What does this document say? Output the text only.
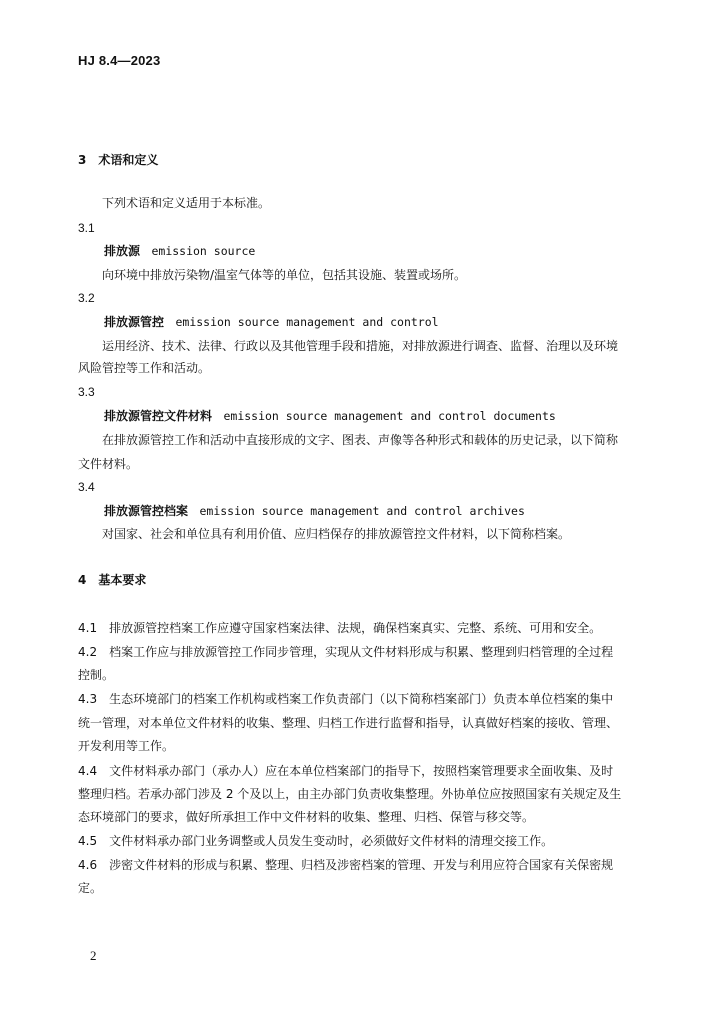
HJ 8.4—2023
3　术语和定义
下列术语和定义适用于本标准。
3.1
排放源 emission source
向环境中排放污染物/温室气体等的单位，包括其设施、装置或场所。
3.2
排放源管控 emission source management and control
运用经济、技术、法律、行政以及其他管理手段和措施，对排放源进行调查、监督、治理以及环境
风险管控等工作和活动。
3.3
排放源管控文件材料 emission source management and control documents
在排放源管控工作和活动中直接形成的文字、图表、声像等各种形式和载体的历史记录，以下简称
文件材料。
3.4
排放源管控档案 emission source management and control archives
对国家、社会和单位具有利用价值、应归档保存的排放源管控文件材料，以下简称档案。
4　基本要求
4.1　排放源管控档案工作应遵守国家档案法律、法规，确保档案真实、完整、系统、可用和安全。
4.2　档案工作应与排放源管控工作同步管理，实现从文件材料形成与积累、整理到归档管理的全过程
控制。
4.3　生态环境部门的档案工作机构或档案工作负责部门（以下简称档案部门）负责本单位档案的集中
统一管理，对本单位文件材料的收集、整理、归档工作进行监督和指导，认真做好档案的接收、管理、
开发利用等工作。
4.4　文件材料承办部门（承办人）应在本单位档案部门的指导下，按照档案管理要求全面收集、及时
整理归档。若承办部门涉及 2 个及以上，由主办部门负责收集整理。外协单位应按照国家有关规定及生
态环境部门的要求，做好所承担工作中文件材料的收集、整理、归档、保管与移交等。
4.5　文件材料承办部门业务调整或人员发生变动时，必须做好文件材料的清理交接工作。
4.6　涉密文件材料的形成与积累、整理、归档及涉密档案的管理、开发与利用应符合国家有关保密规
定。
2
